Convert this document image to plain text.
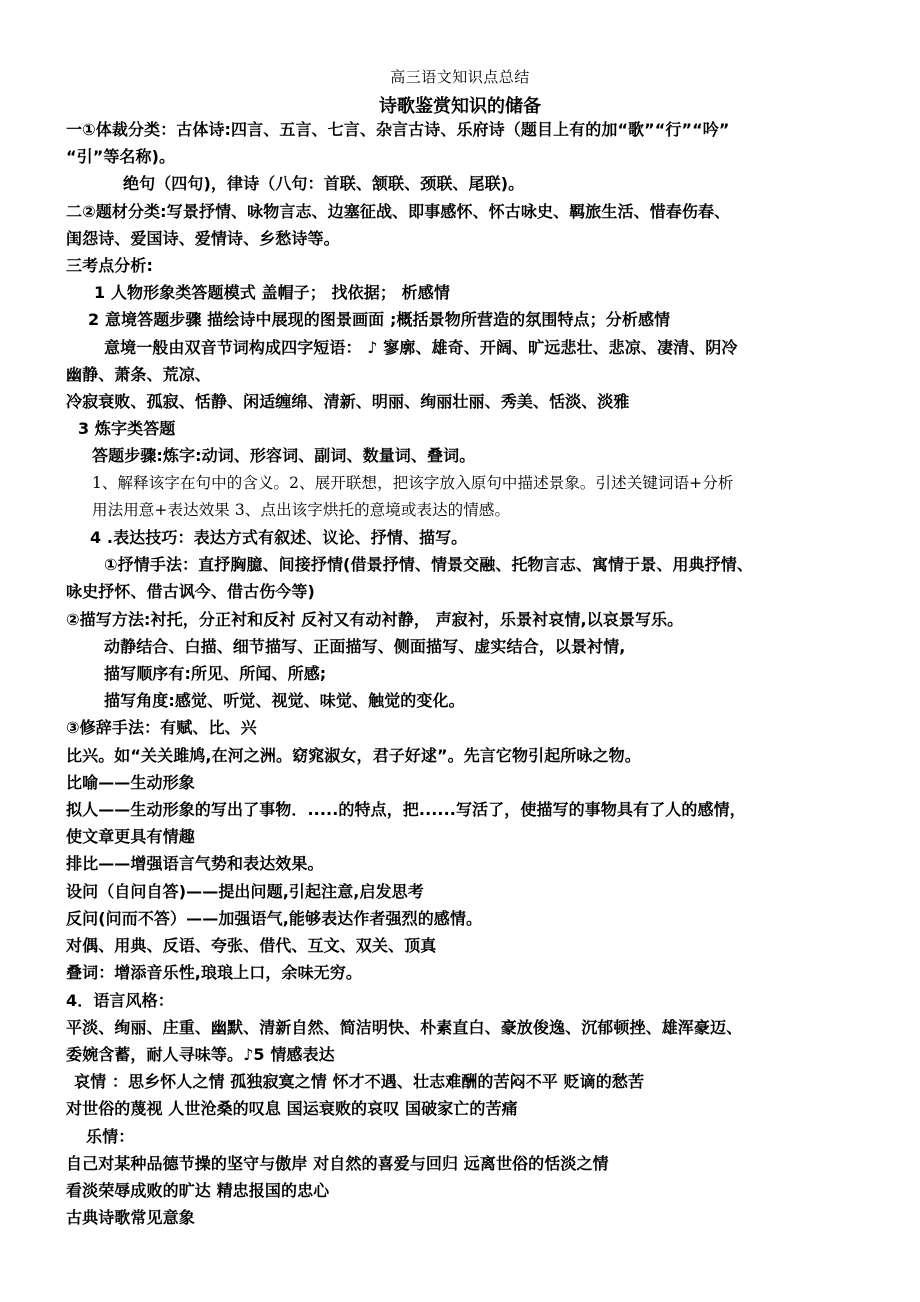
高三语文知识点总结
诗歌鉴赏知识的储备
一①体裁分类：古体诗:四言、五言、七言、杂言古诗、乐府诗（题目上有的加“歌”“行”“吟”
“引”等名称)。
绝句（四句)，律诗（八句：首联、颔联、颈联、尾联)。
二②题材分类:写景抒情、咏物言志、边塞征战、即事感怀、怀古咏史、羁旅生活、惜春伤春、
闺怨诗、爱国诗、爱情诗、乡愁诗等。
三考点分析:
1 人物形象类答题模式 盖帽子； 找依据； 析感情
2 意境答题步骤 描绘诗中展现的图景画面 ;概括景物所营造的氛围特点；分析感情
意境一般由双音节词构成四字短语： ♪ 寥廓、雄奇、开阔、旷远悲壮、悲凉、凄清、阴冷
幽静、萧条、荒凉、
冷寂衰败、孤寂、恬静、闲适缠绵、清新、明丽、绚丽壮丽、秀美、恬淡、淡雅
3 炼字类答题
答题步骤:炼字:动词、形容词、副词、数量词、叠词。
1、解释该字在句中的含义。2、展开联想，把该字放入原句中描述景象。引述关键词语+分析
用法用意+表达效果 3、点出该字烘托的意境或表达的情感。
4 .表达技巧：表达方式有叙述、议论、抒情、描写。
①抒情手法：直抒胸臆、间接抒情(借景抒情、情景交融、托物言志、寓情于景、用典抒情、
咏史抒怀、借古讽今、借古伤今等)
②描写方法:衬托，分正衬和反衬 反衬又有动衬静， 声寂衬，乐景衬哀情,以哀景写乐。
动静结合、白描、细节描写、正面描写、侧面描写、虚实结合，以景衬情,
描写顺序有:所见、所闻、所感;
描写角度:感觉、听觉、视觉、味觉、触觉的变化。
③修辞手法：有赋、比、兴
比兴。如“关关雎鸠,在河之洲。窈窕淑女，君子好逑”。先言它物引起所咏之物。
比喻——生动形象
拟人——生动形象的写出了事物．.....的特点，把......写活了，使描写的事物具有了人的感情，
使文章更具有情趣
排比——增强语言气势和表达效果。
设问（自问自答)——提出问题,引起注意,启发思考
反问(问而不答）——加强语气,能够表达作者强烈的感情。
对偶、用典、反语、夸张、借代、互文、双关、顶真
叠词：增添音乐性,琅琅上口，余味无穷。
4．语言风格：
平淡、绚丽、庄重、幽默、清新自然、简洁明快、朴素直白、豪放俊逸、沉郁顿挫、雄浑豪迈、
委婉含蓄，耐人寻味等。♪5 情感表达
哀情 ：思乡怀人之情 孤独寂寞之情 怀才不遇、壮志难酬的苦闷不平 贬谪的愁苦
对世俗的蔑视 人世沧桑的叹息 国运衰败的哀叹 国破家亡的苦痛
乐情：
自己对某种品德节操的坚守与傲岸 对自然的喜爱与回归 远离世俗的恬淡之情
看淡荣辱成败的旷达 精忠报国的忠心
古典诗歌常见意象
